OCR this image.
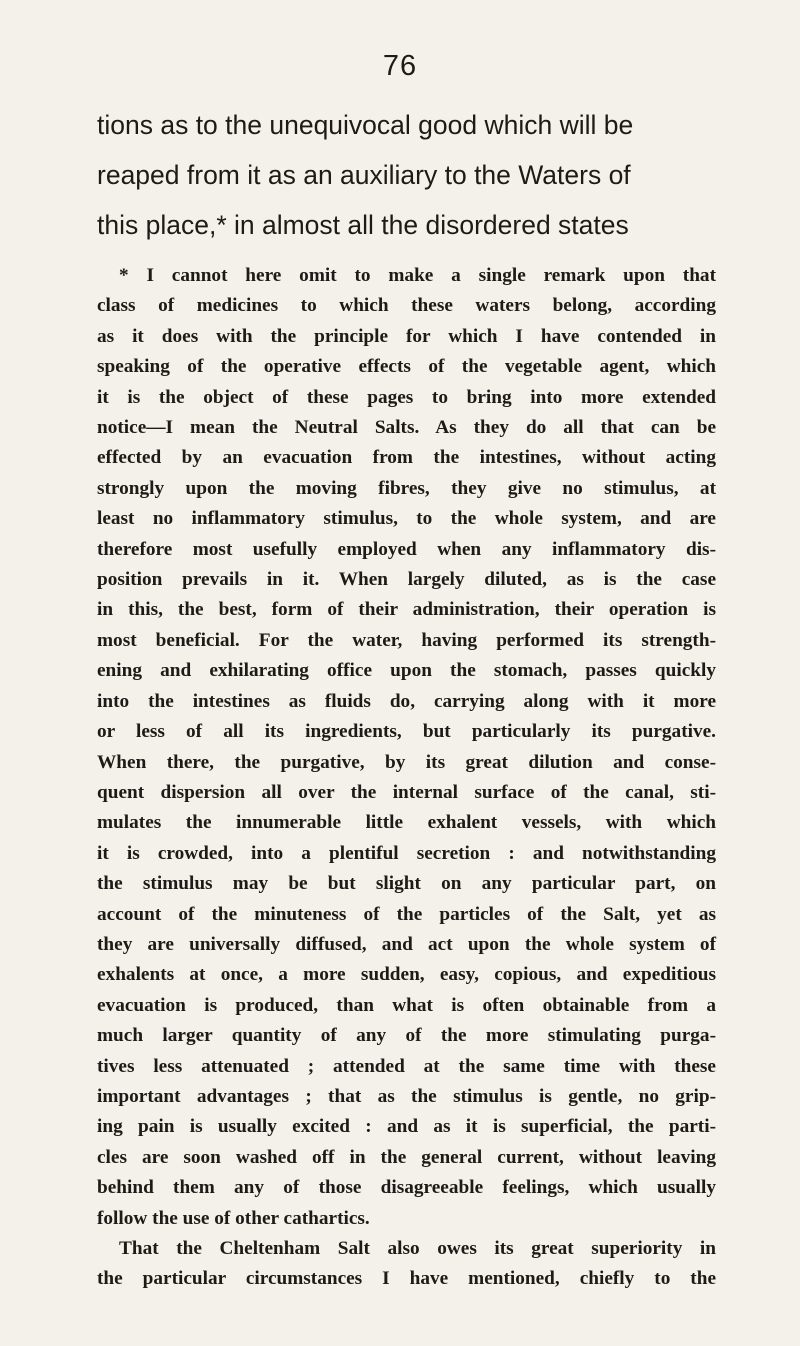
76
tions as to the unequivocal good which will be
reaped from it as an auxiliary to the Waters of
this place,* in almost all the disordered states
* I cannot here omit to make a single remark upon that
class of medicines to which these waters belong, according
as it does with the principle for which I have contended in
speaking of the operative effects of the vegetable agent, which
it is the object of these pages to bring into more extended
notice—I mean the Neutral Salts. As they do all that can be
effected by an evacuation from the intestines, without acting
strongly upon the moving fibres, they give no stimulus, at
least no inflammatory stimulus, to the whole system, and are
therefore most usefully employed when any inflammatory dis-
position prevails in it. When largely diluted, as is the case
in this, the best, form of their administration, their operation is
most beneficial. For the water, having performed its strength-
ening and exhilarating office upon the stomach, passes quickly
into the intestines as fluids do, carrying along with it more
or less of all its ingredients, but particularly its purgative.
When there, the purgative, by its great dilution and conse-
quent dispersion all over the internal surface of the canal, sti-
mulates the innumerable little exhalent vessels, with which
it is crowded, into a plentiful secretion : and notwithstanding
the stimulus may be but slight on any particular part, on
account of the minuteness of the particles of the Salt, yet as
they are universally diffused, and act upon the whole system of
exhalents at once, a more sudden, easy, copious, and expeditious
evacuation is produced, than what is often obtainable from a
much larger quantity of any of the more stimulating purga-
tives less attenuated ; attended at the same time with these
important advantages ; that as the stimulus is gentle, no grip-
ing pain is usually excited : and as it is superficial, the parti-
cles are soon washed off in the general current, without leaving
behind them any of those disagreeable feelings, which usually
follow the use of other cathartics.
That the Cheltenham Salt also owes its great superiority in
the particular circumstances I have mentioned, chiefly to the
